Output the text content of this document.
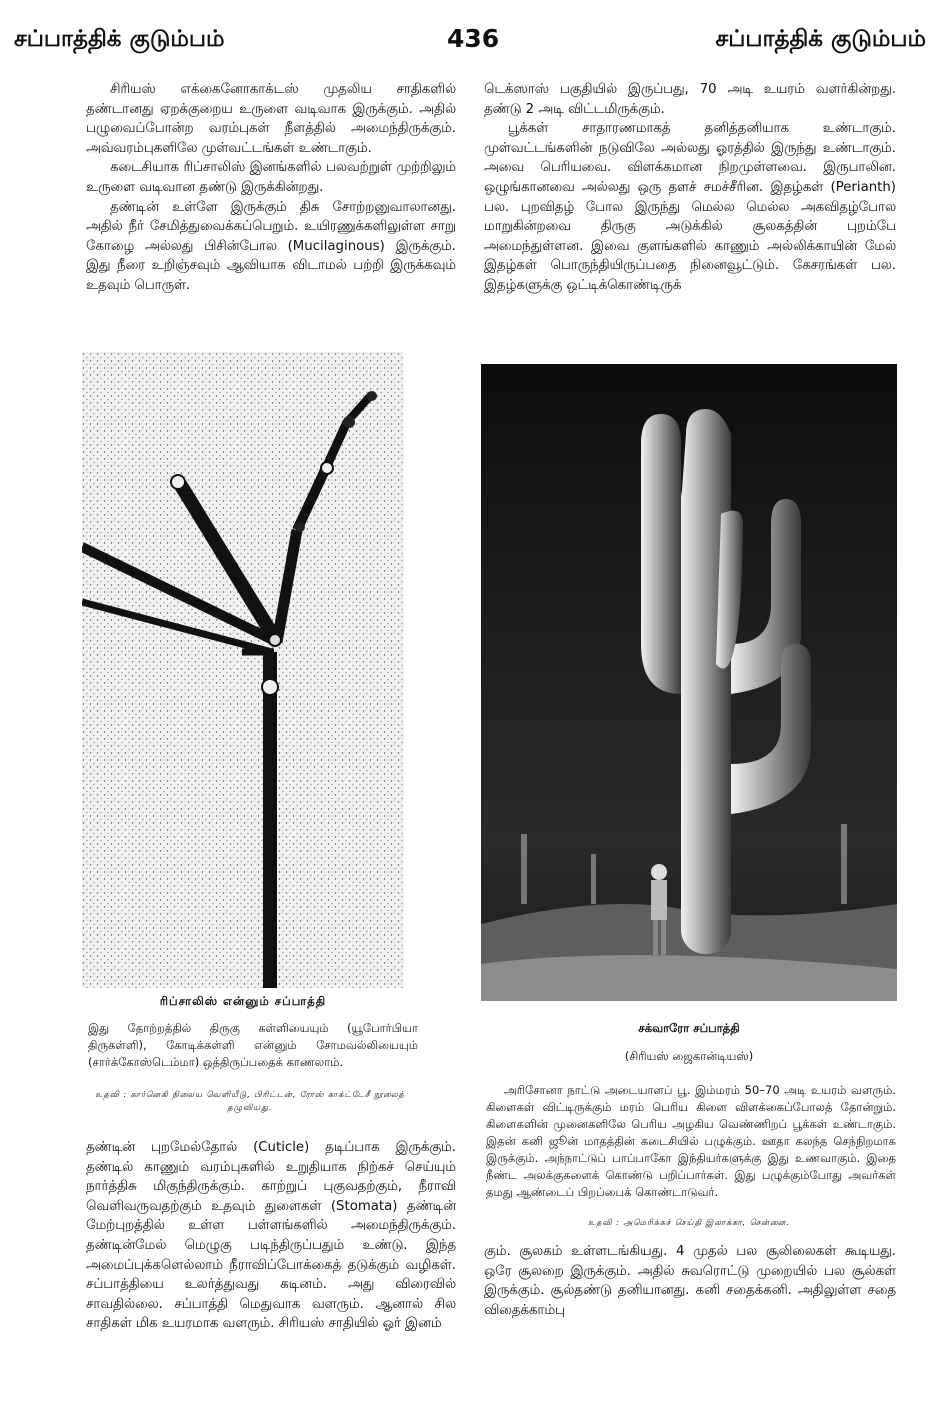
சப்பாத்திக் குடும்பம்	436	சப்பாத்திக் குடும்பம்

சிரியஸ் எக்கைனோகாக்டஸ் முதலிய சாதிகளில் தண்டானது ஏறக்குறைய உருளை வடிவாக இருக்கும். அதில் பழுவைப்போன்ற வரம்புகள் நீளத்தில் அமைந்திருக்கும். அவ்வரம்புகளிலே முள்வட்டங்கள் உண்டாகும்.

கடைசியாக ரிப்சாலிஸ் இனங்களில் பலவற்றுள் முற்றிலும் உருளை வடிவான தண்டு இருக்கின்றது.

தண்டின் உள்ளே இருக்கும் திசு சோற்றனுவாலானது. அதில் நீர் சேமித்துவைக்கப்பெறும். உயிரணுக்களிலுள்ள சாறு கோழை அல்லது பிசின்போல (Mucilaginous) இருக்கும். இது நீரை உறிஞ்சவும் ஆவியாக விடாமல் பற்றி இருக்கவும் உதவும் பொருள்.

டெக்ஸாஸ் பகுதியில் இருப்பது, 70 அடி உயரம் வளர்கின்றது. தண்டு 2 அடி விட்டமிருக்கும்.

பூக்கள் சாதாரணமாகத் தனித்தனியாக உண்டாகும். முள்வட்டங்களின் நடுவிலே அல்லது ஓரத்தில் இருந்து உண்டாகும். அவை பெரியவை. விளக்கமான நிறமுள்ளவை. இருபாலின. ஒழுங்கானவை அல்லது ஒரு தளச் சமச்சீரின. இதழ்கள் (Perianth) பல. புறவிதழ் போல இருந்து மெல்ல மெல்ல அகவிதழ்போல மாறுகின்றவை திருகு அடுக்கில் சூலகத்தின் புறம்பே அமைந்துள்ளன. இவை குளங்களில் காணும் அல்லிக்காயின் மேல் இதழ்கள் பொருந்தியிருப்பதை நினைவூட்டும். கேசரங்கள் பல. இதழ்களுக்கு ஒட்டிக்கொண்டிருக்

ரிப்சாலிஸ் என்னும் சப்பாத்தி
இது தோற்றத்தில் திருகு கள்ளியையும் (யூபோர்பியா திருகள்ளி), கோடிக்கள்ளி என்னும் சோமவல்லியையும் (சார்க்கோஸ்டெம்மா) ஒத்திருப்பதைக் காணலாம்.
உதவி : கார்னெகி நிலைய வெளியீடு, பிரிட்டன், ரோஸ் காக்ட்டேசீ நூலைத் தழுவியது.
சக்வாரோ சப்பாத்தி
(சிரியஸ் ஜைகான்டியஸ்)
அரிசோனா நாட்டு அடையாளப் பூ. இம்மரம் 50–70 அடி உயரம் வளரும். கிளைகள் விட்டிருக்கும் மரம் பெரிய கிளை விளக்கைப்போலத் தோன்றும். கிளைகளின் முனைகளிலே பெரிய அழகிய வெண்ணிறப் பூக்கள் உண்டாகும். இதன் கனி ஜூன் மாதத்தின் கடைசியில் பழுக்கும். ஊதா கலந்த செந்நிறமாக இருக்கும். அந்நாட்டுப் பாப்பாகோ இந்தியர்களுக்கு இது உணவாகும். இதை நீண்ட அலக்குகளைக் கொண்டு பறிப்பார்கள். இது பழுக்கும்போது அவர்கள் தமது ஆண்டைப் பிறப்பைக் கொண்டாடுவர்.
உதவி : அமெரிக்கச் செய்தி இலாக்கா, சென்னை.

தண்டின் புறமேல்தோல் (Cuticle) தடிப்பாக இருக்கும். தண்டில் காணும் வரம்புகளில் உறுதியாக நிற்கச் செய்யும் நார்த்திசு மிகுந்திருக்கும். காற்றுப் புகுவதற்கும், நீராவி வெளிவருவதற்கும் உதவும் துளைகள் (Stomata) தண்டின் மேற்புறத்தில் உள்ள பள்ளங்களில் அமைந்திருக்கும். தண்டின்மேல் மெழுகு படிந்திருப்பதும் உண்டு. இந்த அமைப்புக்களெல்லாம் நீராவிப்போக்கைத் தடுக்கும் வழிகள். சப்பாத்தியை உலர்த்துவது கடினம். அது விரைவில் சாவதில்லை. சப்பாத்தி மெதுவாக வளரும். ஆனால் சில சாதிகள் மிக உயரமாக வளரும். சிரியஸ் சாதியில் ஓர் இனம்

கும். சூலகம் உள்ளடங்கியது. 4 முதல் பல சூலிலைகள் கூடியது. ஒரே சூலறை இருக்கும். அதில் சுவரொட்டு முறையில் பல சூல்கள் இருக்கும். சூல்தண்டு தனியானது. கனி சதைக்கனி. அதிலுள்ள சதை விதைக்காம்பு
